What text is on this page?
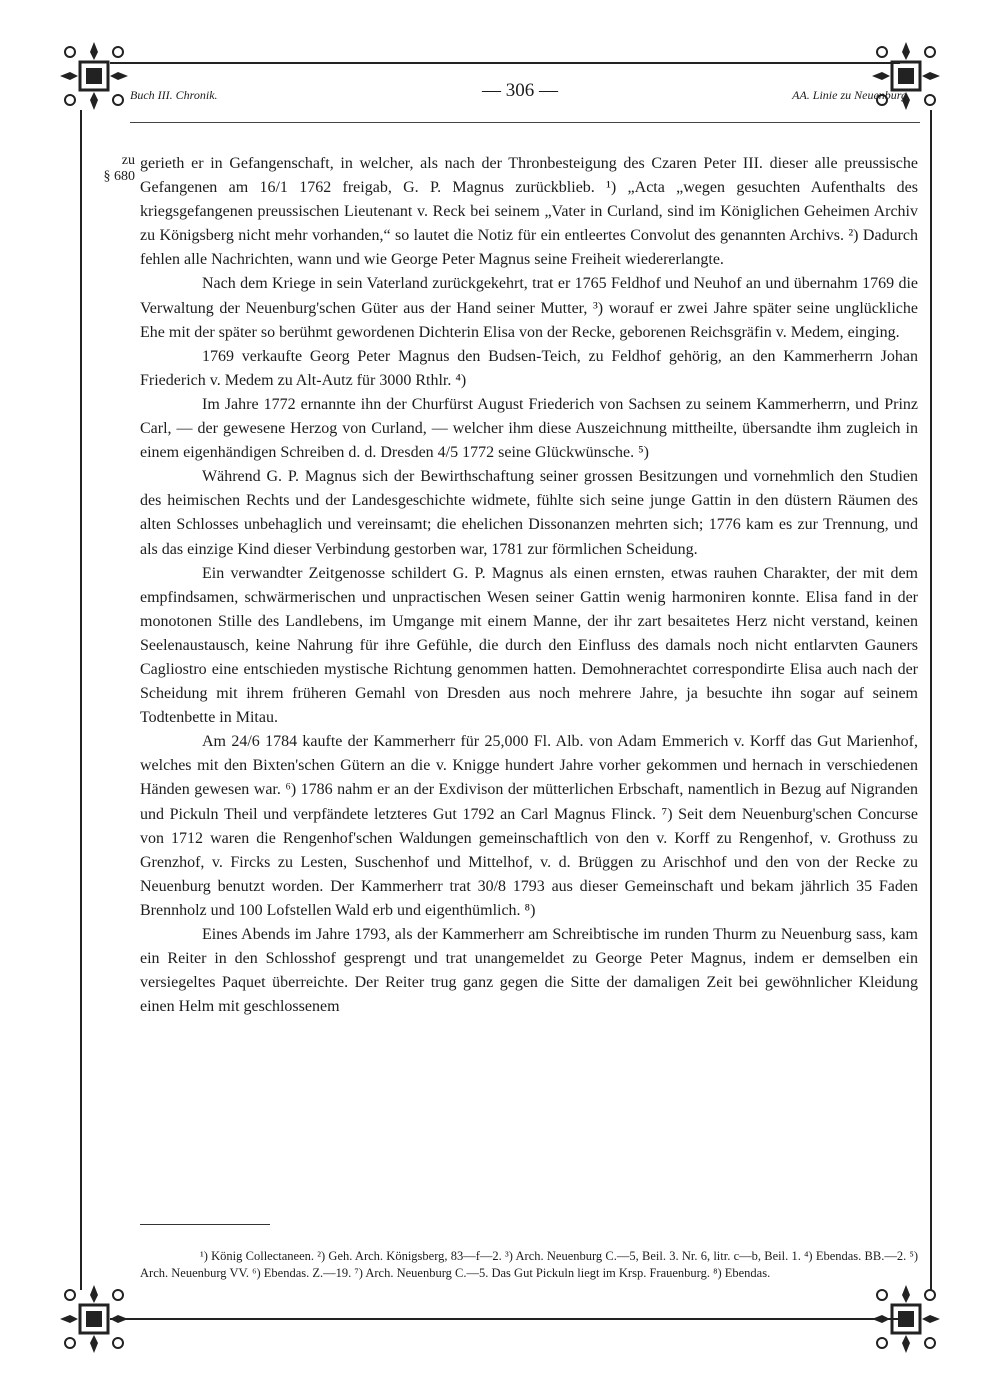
Buch III. Chronik.	— 306 —	AA. Linie zu Neuenburg.
zu
§ 680

gerieth er in Gefangenschaft, in welcher, als nach der Thronbesteigung des Czaren Peter III. dieser alle preussische Gefangenen am 16/1 1762 freigab, G. P. Magnus zurückblieb. ¹) „Acta „wegen gesuchten Aufenthalts des kriegsgefangenen preussischen Lieutenant v. Reck bei seinem „Vater in Curland, sind im Königlichen Geheimen Archiv zu Königsberg nicht mehr vorhanden,“ so lautet die Notiz für ein entleertes Convolut des genannten Archivs. ²) Dadurch fehlen alle Nachrichten, wann und wie George Peter Magnus seine Freiheit wiedererlangte.

Nach dem Kriege in sein Vaterland zurückgekehrt, trat er 1765 Feldhof und Neuhof an und übernahm 1769 die Verwaltung der Neuenburg'schen Güter aus der Hand seiner Mutter, ³) worauf er zwei Jahre später seine unglückliche Ehe mit der später so berühmt gewordenen Dichterin Elisa von der Recke, geborenen Reichsgräfin v. Medem, einging.

1769 verkaufte Georg Peter Magnus den Budsen-Teich, zu Feldhof gehörig, an den Kammerherrn Johan Friederich v. Medem zu Alt-Autz für 3000 Rthlr. ⁴)

Im Jahre 1772 ernannte ihn der Churfürst August Friederich von Sachsen zu seinem Kammerherrn, und Prinz Carl, — der gewesene Herzog von Curland, — welcher ihm diese Auszeichnung mittheilte, übersandte ihm zugleich in einem eigenhändigen Schreiben d. d. Dresden 4/5 1772 seine Glückwünsche. ⁵)

Während G. P. Magnus sich der Bewirthschaftung seiner grossen Besitzungen und vornehmlich den Studien des heimischen Rechts und der Landesgeschichte widmete, fühlte sich seine junge Gattin in den düstern Räumen des alten Schlosses unbehaglich und vereinsamt; die ehelichen Dissonanzen mehrten sich; 1776 kam es zur Trennung, und als das einzige Kind dieser Verbindung gestorben war, 1781 zur förmlichen Scheidung.

Ein verwandter Zeitgenosse schildert G. P. Magnus als einen ernsten, etwas rauhen Charakter, der mit dem empfindsamen, schwärmerischen und unpractischen Wesen seiner Gattin wenig harmoniren konnte. Elisa fand in der monotonen Stille des Landlebens, im Umgange mit einem Manne, der ihr zart besaitetes Herz nicht verstand, keinen Seelenaustausch, keine Nahrung für ihre Gefühle, die durch den Einfluss des damals noch nicht entlarvten Gauners Cagliostro eine entschieden mystische Richtung genommen hatten. Demohnerachtet correspondirte Elisa auch nach der Scheidung mit ihrem früheren Gemahl von Dresden aus noch mehrere Jahre, ja besuchte ihn sogar auf seinem Todtenbette in Mitau.

Am 24/6 1784 kaufte der Kammerherr für 25,000 Fl. Alb. von Adam Emmerich v. Korff das Gut Marienhof, welches mit den Bixten'schen Gütern an die v. Knigge hundert Jahre vorher gekommen und hernach in verschiedenen Händen gewesen war. ⁶) 1786 nahm er an der Exdivison der mütterlichen Erbschaft, namentlich in Bezug auf Nigranden und Pickuln Theil und verpfändete letzteres Gut 1792 an Carl Magnus Flinck. ⁷) Seit dem Neuenburg'schen Concurse von 1712 waren die Rengenhof'schen Waldungen gemeinschaftlich von den v. Korff zu Rengenhof, v. Grothuss zu Grenzhof, v. Fircks zu Lesten, Suschenhof und Mittelhof, v. d. Brüggen zu Arischhof und den von der Recke zu Neuenburg benutzt worden. Der Kammerherr trat 30/8 1793 aus dieser Gemeinschaft und bekam jährlich 35 Faden Brennholz und 100 Lofstellen Wald erb und eigenthümlich. ⁸)

Eines Abends im Jahre 1793, als der Kammerherr am Schreibtische im runden Thurm zu Neuenburg sass, kam ein Reiter in den Schlosshof gesprengt und trat unangemeldet zu George Peter Magnus, indem er demselben ein versiegeltes Paquet überreichte. Der Reiter trug ganz gegen die Sitte der damaligen Zeit bei gewöhnlicher Kleidung einen Helm mit geschlossenem

¹) König Collectaneen. ²) Geh. Arch. Königsberg, 83—f—2. ³) Arch. Neuenburg C.—5, Beil. 3. Nr. 6, litr. c—b, Beil. 1. ⁴) Ebendas. BB.—2. ⁵) Arch. Neuenburg VV. ⁶) Ebendas. Z.—19. ⁷) Arch. Neuenburg C.—5. Das Gut Pickuln liegt im Krsp. Frauenburg. ⁸) Ebendas.
